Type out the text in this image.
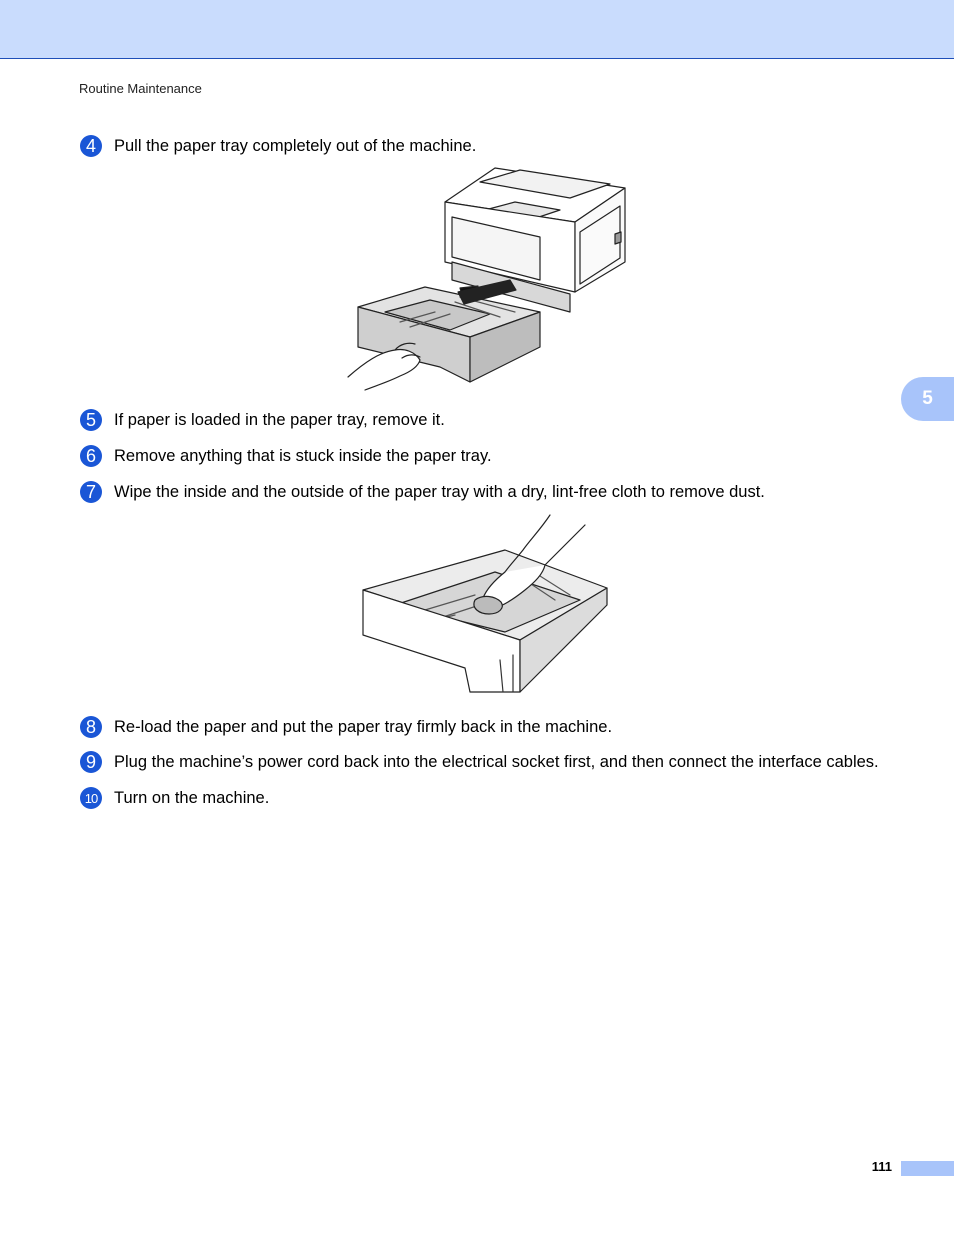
Routine Maintenance
4	Pull the paper tray completely out of the machine.
5	If paper is loaded in the paper tray, remove it.
6	Remove anything that is stuck inside the paper tray.
7	Wipe the inside and the outside of the paper tray with a dry, lint-free cloth to remove dust.
8	Re-load the paper and put the paper tray firmly back in the machine.
9	Plug the machine’s power cord back into the electrical socket first, and then connect the interface cables.
10 Turn on the machine.
5
111
